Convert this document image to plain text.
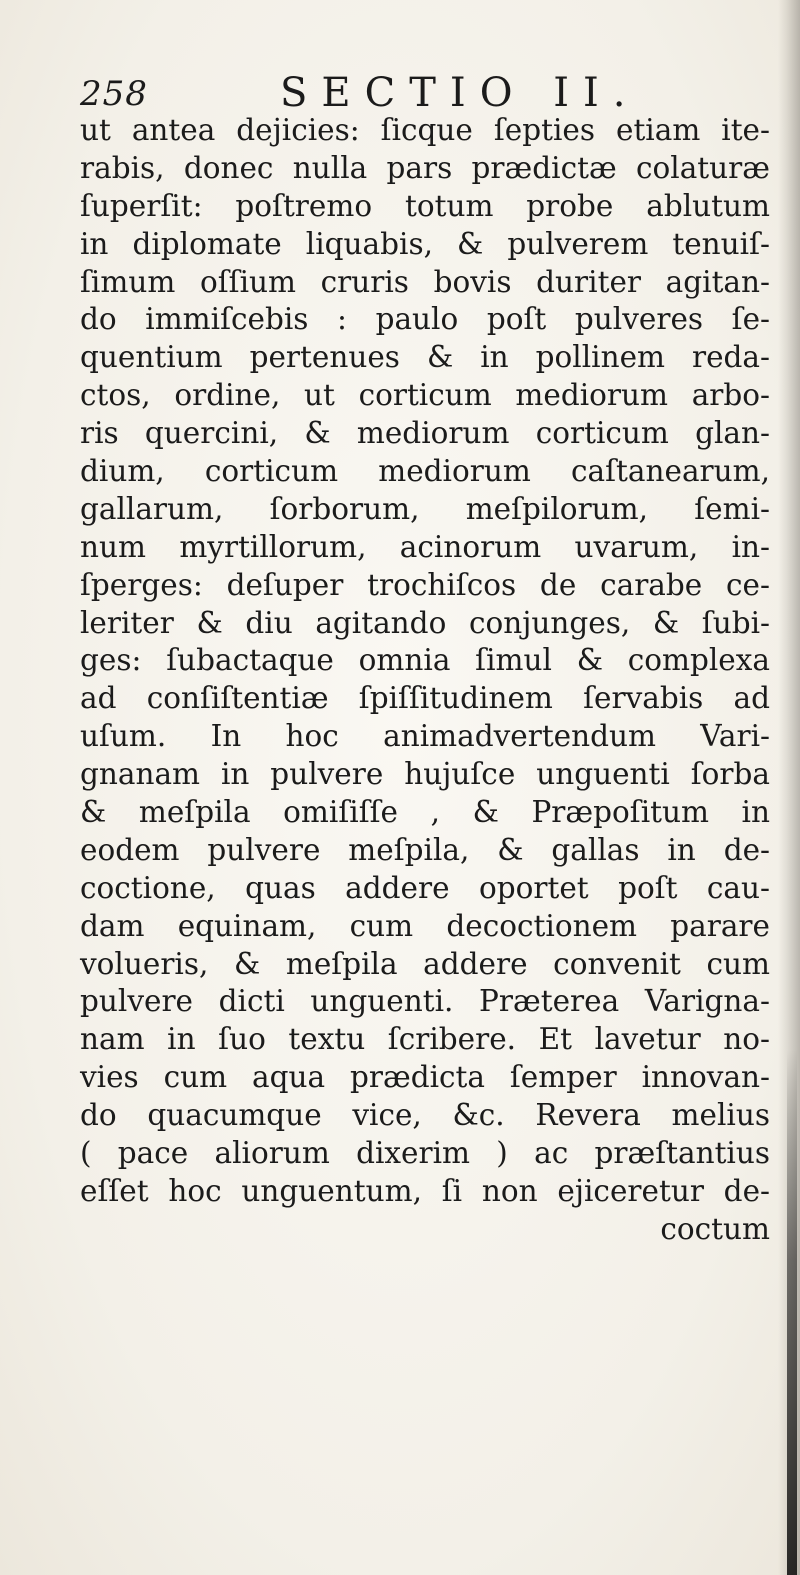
258	SECTIO II.
ut antea dejicies: ſicque ſepties etiam ite-
rabis, donec nulla pars prædictæ colaturæ
ſuperſit: poſtremo totum probe ablutum
in diplomate liquabis, & pulverem tenuiſ-
ſimum oſſium cruris bovis duriter agitan-
do immiſcebis : paulo poſt pulveres ſe-
quentium pertenues & in pollinem reda-
ctos, ordine, ut corticum mediorum arbo-
ris quercini, & mediorum corticum glan-
dium, corticum mediorum caſtanearum,
gallarum, ſorborum, meſpilorum, ſemi-
num myrtillorum, acinorum uvarum, in-
ſperges: deſuper trochiſcos de carabe ce-
leriter & diu agitando conjunges, & ſubi-
ges: ſubactaque omnia ſimul & complexa
ad conſiſtentiæ ſpiſſitudinem ſervabis ad
uſum. In hoc animadvertendum Vari-
gnanam in pulvere hujuſce unguenti ſorba
& meſpila omiſiſſe , & Præpoſitum in
eodem pulvere meſpila, & gallas in de-
coctione, quas addere oportet poſt cau-
dam equinam, cum decoctionem parare
volueris, & meſpila addere convenit cum
pulvere dicti unguenti. Præterea Varigna-
nam in ſuo textu ſcribere. Et lavetur no-
vies cum aqua prædicta ſemper innovan-
do quacumque vice, &c. Revera melius
( pace aliorum dixerim ) ac præſtantius
eſſet hoc unguentum, ſi non ejiceretur de-
coctum
